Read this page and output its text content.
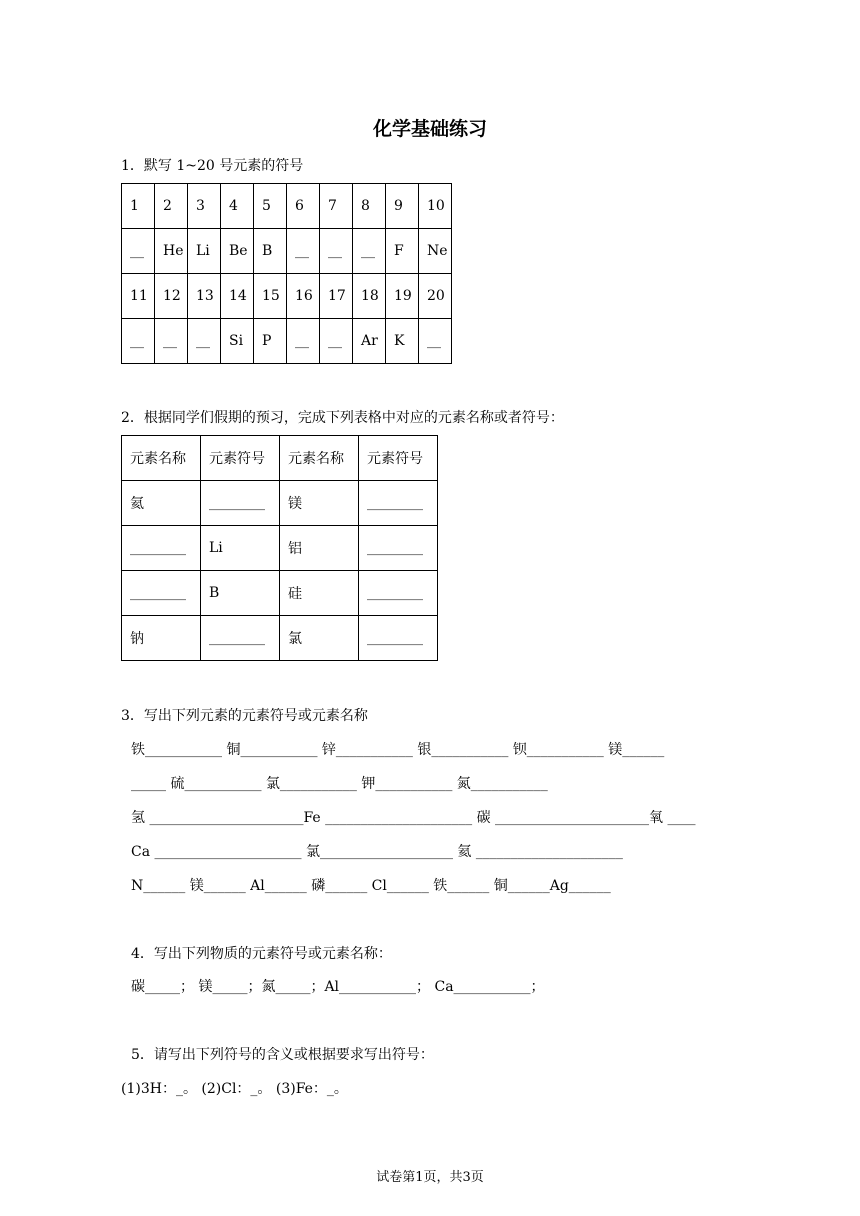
化学基础练习
1．默写 1~20 号元素的符号
1	2	3	4	5	6	7	8	9	10
__	He	Li	Be	B	__	__	__	F	Ne
11	12	13	14	15	16	17	18	19	20
__	__	__	Si	P	__	__	Ar	K	__
2．根据同学们假期的预习，完成下列表格中对应的元素名称或者符号：
元素名称	元素符号	元素名称	元素符号
氦	________	镁	________
________	Li	铝	________
________	B	硅	________
钠	________	氯	________
3．写出下列元素的元素符号或元素名称
铁___________ 铜___________ 锌___________ 银___________ 钡___________ 镁______
_____ 硫___________ 氯___________ 钾___________ 氮___________
氢 ______________________Fe _____________________ 碳 ______________________氧 ____
Ca _____________________ 氯___________________ 氦 _____________________
N______ 镁______ Al______ 磷______ Cl______ 铁______ 铜______Ag______
4．写出下列物质的元素符号或元素名称：
碳_____； 镁_____；氮_____；Al___________； Ca___________；
5．请写出下列符号的含义或根据要求写出符号：
(1)3H：_。 (2)Cl：_。 (3)Fe：_。
试卷第1页，共3页
